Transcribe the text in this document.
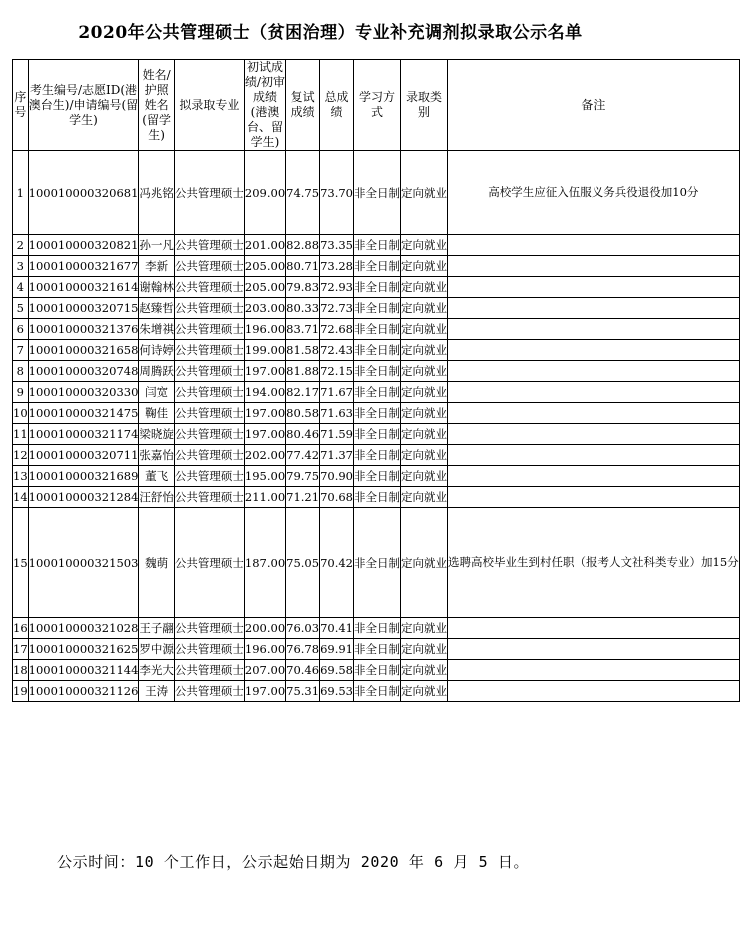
2020年公共管理硕士（贫困治理）专业补充调剂拟录取公示名单
序号	考生编号/志愿ID(港澳台生)/申请编号(留学生)	姓名/护照姓名(留学生)	拟录取专业	初试成绩/初审成绩(港澳台、留学生)	复试成绩	总成绩	学习方式	录取类别	备注
1	100010000320681	冯兆铭	公共管理硕士	209.00	74.75	73.70	非全日制	定向就业	高校学生应征入伍服义务兵役退役加10分
2	100010000320821	孙一凡	公共管理硕士	201.00	82.88	73.35	非全日制	定向就业	
3	100010000321677	李新	公共管理硕士	205.00	80.71	73.28	非全日制	定向就业	
4	100010000321614	谢翰林	公共管理硕士	205.00	79.83	72.93	非全日制	定向就业	
5	100010000320715	赵臻哲	公共管理硕士	203.00	80.33	72.73	非全日制	定向就业	
6	100010000321376	朱增祺	公共管理硕士	196.00	83.71	72.68	非全日制	定向就业	
7	100010000321658	何诗婷	公共管理硕士	199.00	81.58	72.43	非全日制	定向就业	
8	100010000320748	周腾跃	公共管理硕士	197.00	81.88	72.15	非全日制	定向就业	
9	100010000320330	闫宽	公共管理硕士	194.00	82.17	71.67	非全日制	定向就业	
10	100010000321475	鞠佳	公共管理硕士	197.00	80.58	71.63	非全日制	定向就业	
11	100010000321174	梁晓旋	公共管理硕士	197.00	80.46	71.59	非全日制	定向就业	
12	100010000320711	张嘉怡	公共管理硕士	202.00	77.42	71.37	非全日制	定向就业	
13	100010000321689	董飞	公共管理硕士	195.00	79.75	70.90	非全日制	定向就业	
14	100010000321284	汪舒怡	公共管理硕士	211.00	71.21	70.68	非全日制	定向就业	
15	100010000321503	魏萌	公共管理硕士	187.00	75.05	70.42	非全日制	定向就业	选聘高校毕业生到村任职（报考人文社科类专业）加15分
16	100010000321028	王子翮	公共管理硕士	200.00	76.03	70.41	非全日制	定向就业	
17	100010000321625	罗中源	公共管理硕士	196.00	76.78	69.91	非全日制	定向就业	
18	100010000321144	李光大	公共管理硕士	207.00	70.46	69.58	非全日制	定向就业	
19	100010000321126	王涛	公共管理硕士	197.00	75.31	69.53	非全日制	定向就业	
公示时间：10 个工作日，公示起始日期为 2020 年 6 月 5 日。
